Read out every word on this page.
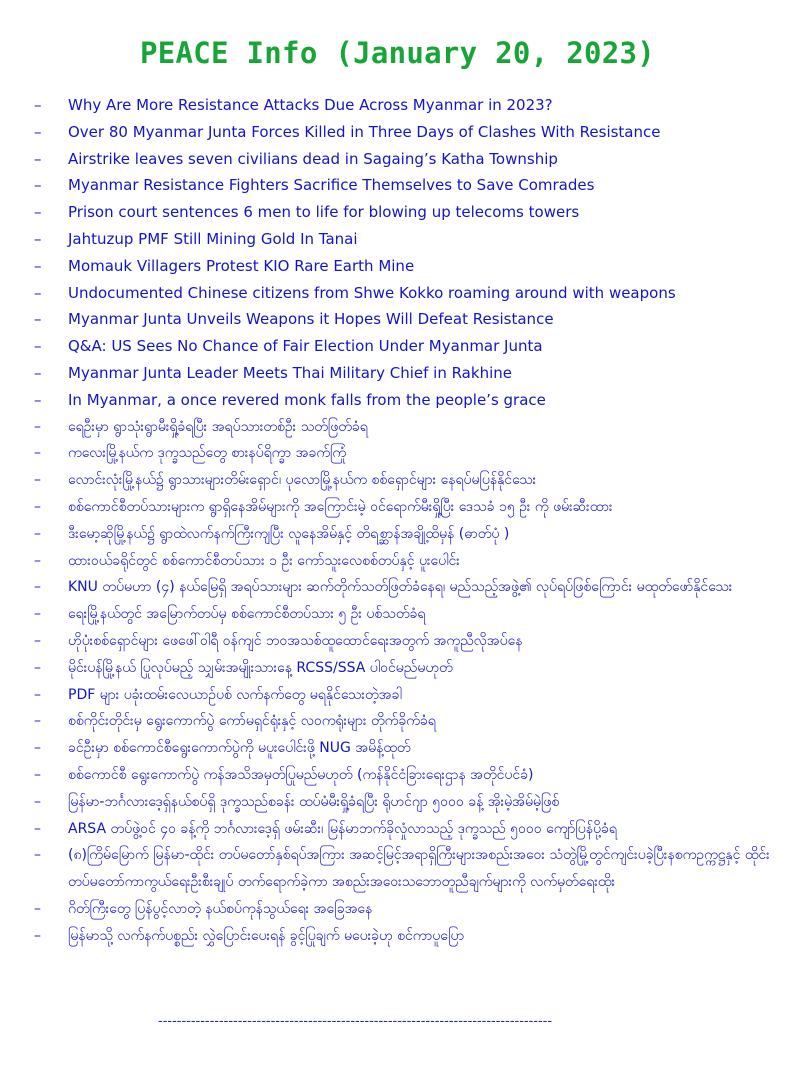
PEACE Info (January 20, 2023)
– Why Are More Resistance Attacks Due Across Myanmar in 2023?
– Over 80 Myanmar Junta Forces Killed in Three Days of Clashes With Resistance
– Airstrike leaves seven civilians dead in Sagaing’s Katha Township
– Myanmar Resistance Fighters Sacrifice Themselves to Save Comrades
– Prison court sentences 6 men to life for blowing up telecoms towers
– Jahtuzup PMF Still Mining Gold In Tanai
– Momauk Villagers Protest KIO Rare Earth Mine
– Undocumented Chinese citizens from Shwe Kokko roaming around with weapons
– Myanmar Junta Unveils Weapons it Hopes Will Defeat Resistance
– Q&A: US Sees No Chance of Fair Election Under Myanmar Junta
– Myanmar Junta Leader Meets Thai Military Chief in Rakhine
– In Myanmar, a once revered monk falls from the people’s grace
– ရေဦးမှာ ရွာသုံးရွာမီးရှို့ခံရပြီး အရပ်သားတစ်ဦး သတ်ဖြတ်ခံရ
– ကလေးမြို့နယ်က ဒုက္ခသည်တွေ စားနပ်ရိက္ခာ အခက်ကြုံ
– လောင်းလုံးမြို့နယ်၌ ရွာသားများတိမ်းရှောင်၊ ပုလောမြို့နယ်က စစ်ရှောင်များ နေရပ်မပြန်နိုင်သေး
– စစ်ကောင်စီတပ်သားများက ရွာရှိနေအိမ်များကို အကြောင်းမဲ့ ဝင်ရောက်မီးရှို့ပြီး ဒေသခံ ၁၅ ဦး ကို ဖမ်းဆီးထား
– ဒီးမော့ဆိုမြို့နယ်၌ ရွာထဲလက်နက်ကြီးကျပြီး လူနေအိမ်နှင့် တိရစ္ဆာန်အချို့ထိမှန် (ဓာတ်ပုံ )
– ထားဝယ်ခရိုင်တွင် စစ်ကောင်စီတပ်သား ၁ ဦး ကော်သူးလေစစ်တပ်နှင့် ပူးပေါင်း
– KNU တပ်မဟာ (၄) နယ်မြေရှိ အရပ်သားများ ဆက်တိုက်သတ်ဖြတ်ခံနေရ၊ မည်သည့်အဖွဲ့၏ လုပ်ရပ်ဖြစ်ကြောင်း မထုတ်ဖော်နိုင်သေး
– ရေးမြို့နယ်တွင် အမြောက်တပ်မှ စစ်ကောင်စီတပ်သား ၅ ဦး ပစ်သတ်ခံရ
– ဟိုပုံးစစ်ရှောင်များ ဖေဖေါ်ဝါရီ ဝန်ကျင် ဘဝအသစ်ထူထောင်ရေးအတွက် အကူညီလိုအပ်နေ
– မိုင်းပန်မြို့နယ် ပြုလုပ်မည့် သျှမ်းအမျိုးသားနေ့ RCSS/SSA ပါဝင်မည်မဟုတ်
– PDF များ ပခုံးထမ်းလေယာဉ်ပစ် လက်နက်တွေ မရနိုင်သေးတဲ့အခါ
– စစ်ကိုင်းတိုင်းမှ ရွေးကောက်ပွဲ ကော်မရှင်ရုံးနှင့် လဝကရုံးများ တိုက်ခိုက်ခံရ
– ခင်ဦးမှာ စစ်ကောင်စီရွေးကောက်ပွဲကို မပူးပေါင်းဖို့ NUG အမိန့်ထုတ်
– စစ်ကောင်စီ ရွေးကောက်ပွဲ ကန်အသိအမှတ်ပြုမည်မဟုတ် (ကန်နိုင်ငံခြားရေးဌာန အတိုင်ပင်ခံ)
– မြန်မာ-ဘင်္ဂလားဒေ့ရှ်နယ်စပ်ရှိ ဒုက္ခသည်စခန်း ထပ်မံမီးရှို့ခံရပြီး ရိုဟင်ဂျာ ၅၀၀၀ ခန့် အိုးမဲ့အိမ်မဲ့ဖြစ်
– ARSA တပ်ဖွဲ့ဝင် ၄၀ ခန့်ကို ဘင်္ဂလားဒေ့ရှ် ဖမ်းဆီး၊ မြန်မာဘက်ခိုလှုံလာသည့် ဒုက္ခသည် ၅၀၀၀ ကျော်ပြန်ပို့ခံရ
– (၈)ကြိမ်မြောက် မြန်မာ-ထိုင်း တပ်မတော်နှစ်ရပ်အကြား အဆင့်မြင့်အရာရှိကြီးများအစည်းအဝေး သံတွဲမြို့တွင်ကျင်းပခဲ့ပြီးနစကဥက္ကဋ္ဌနှင့် ထိုင်းတပ်မတော်ကာကွယ်ရေးဦးစီးချုပ် တက်ရောက်ခဲ့ကာ အစည်းအဝေးသဘောတူညီချက်များကို လက်မှတ်ရေးထိုး
– ဂိတ်ကြီးတွေ ပြန်ပွင့်လာတဲ့ နယ်စပ်ကုန်သွယ်ရေး အခြေအနေ
– မြန်မာသို့ လက်နက်ပစ္စည်း လွှဲပြောင်းပေးရန် ခွင့်ပြုချက် မပေးခဲ့ဟု စင်ကာပူပြော
------------------------------------------------------------------------------------
